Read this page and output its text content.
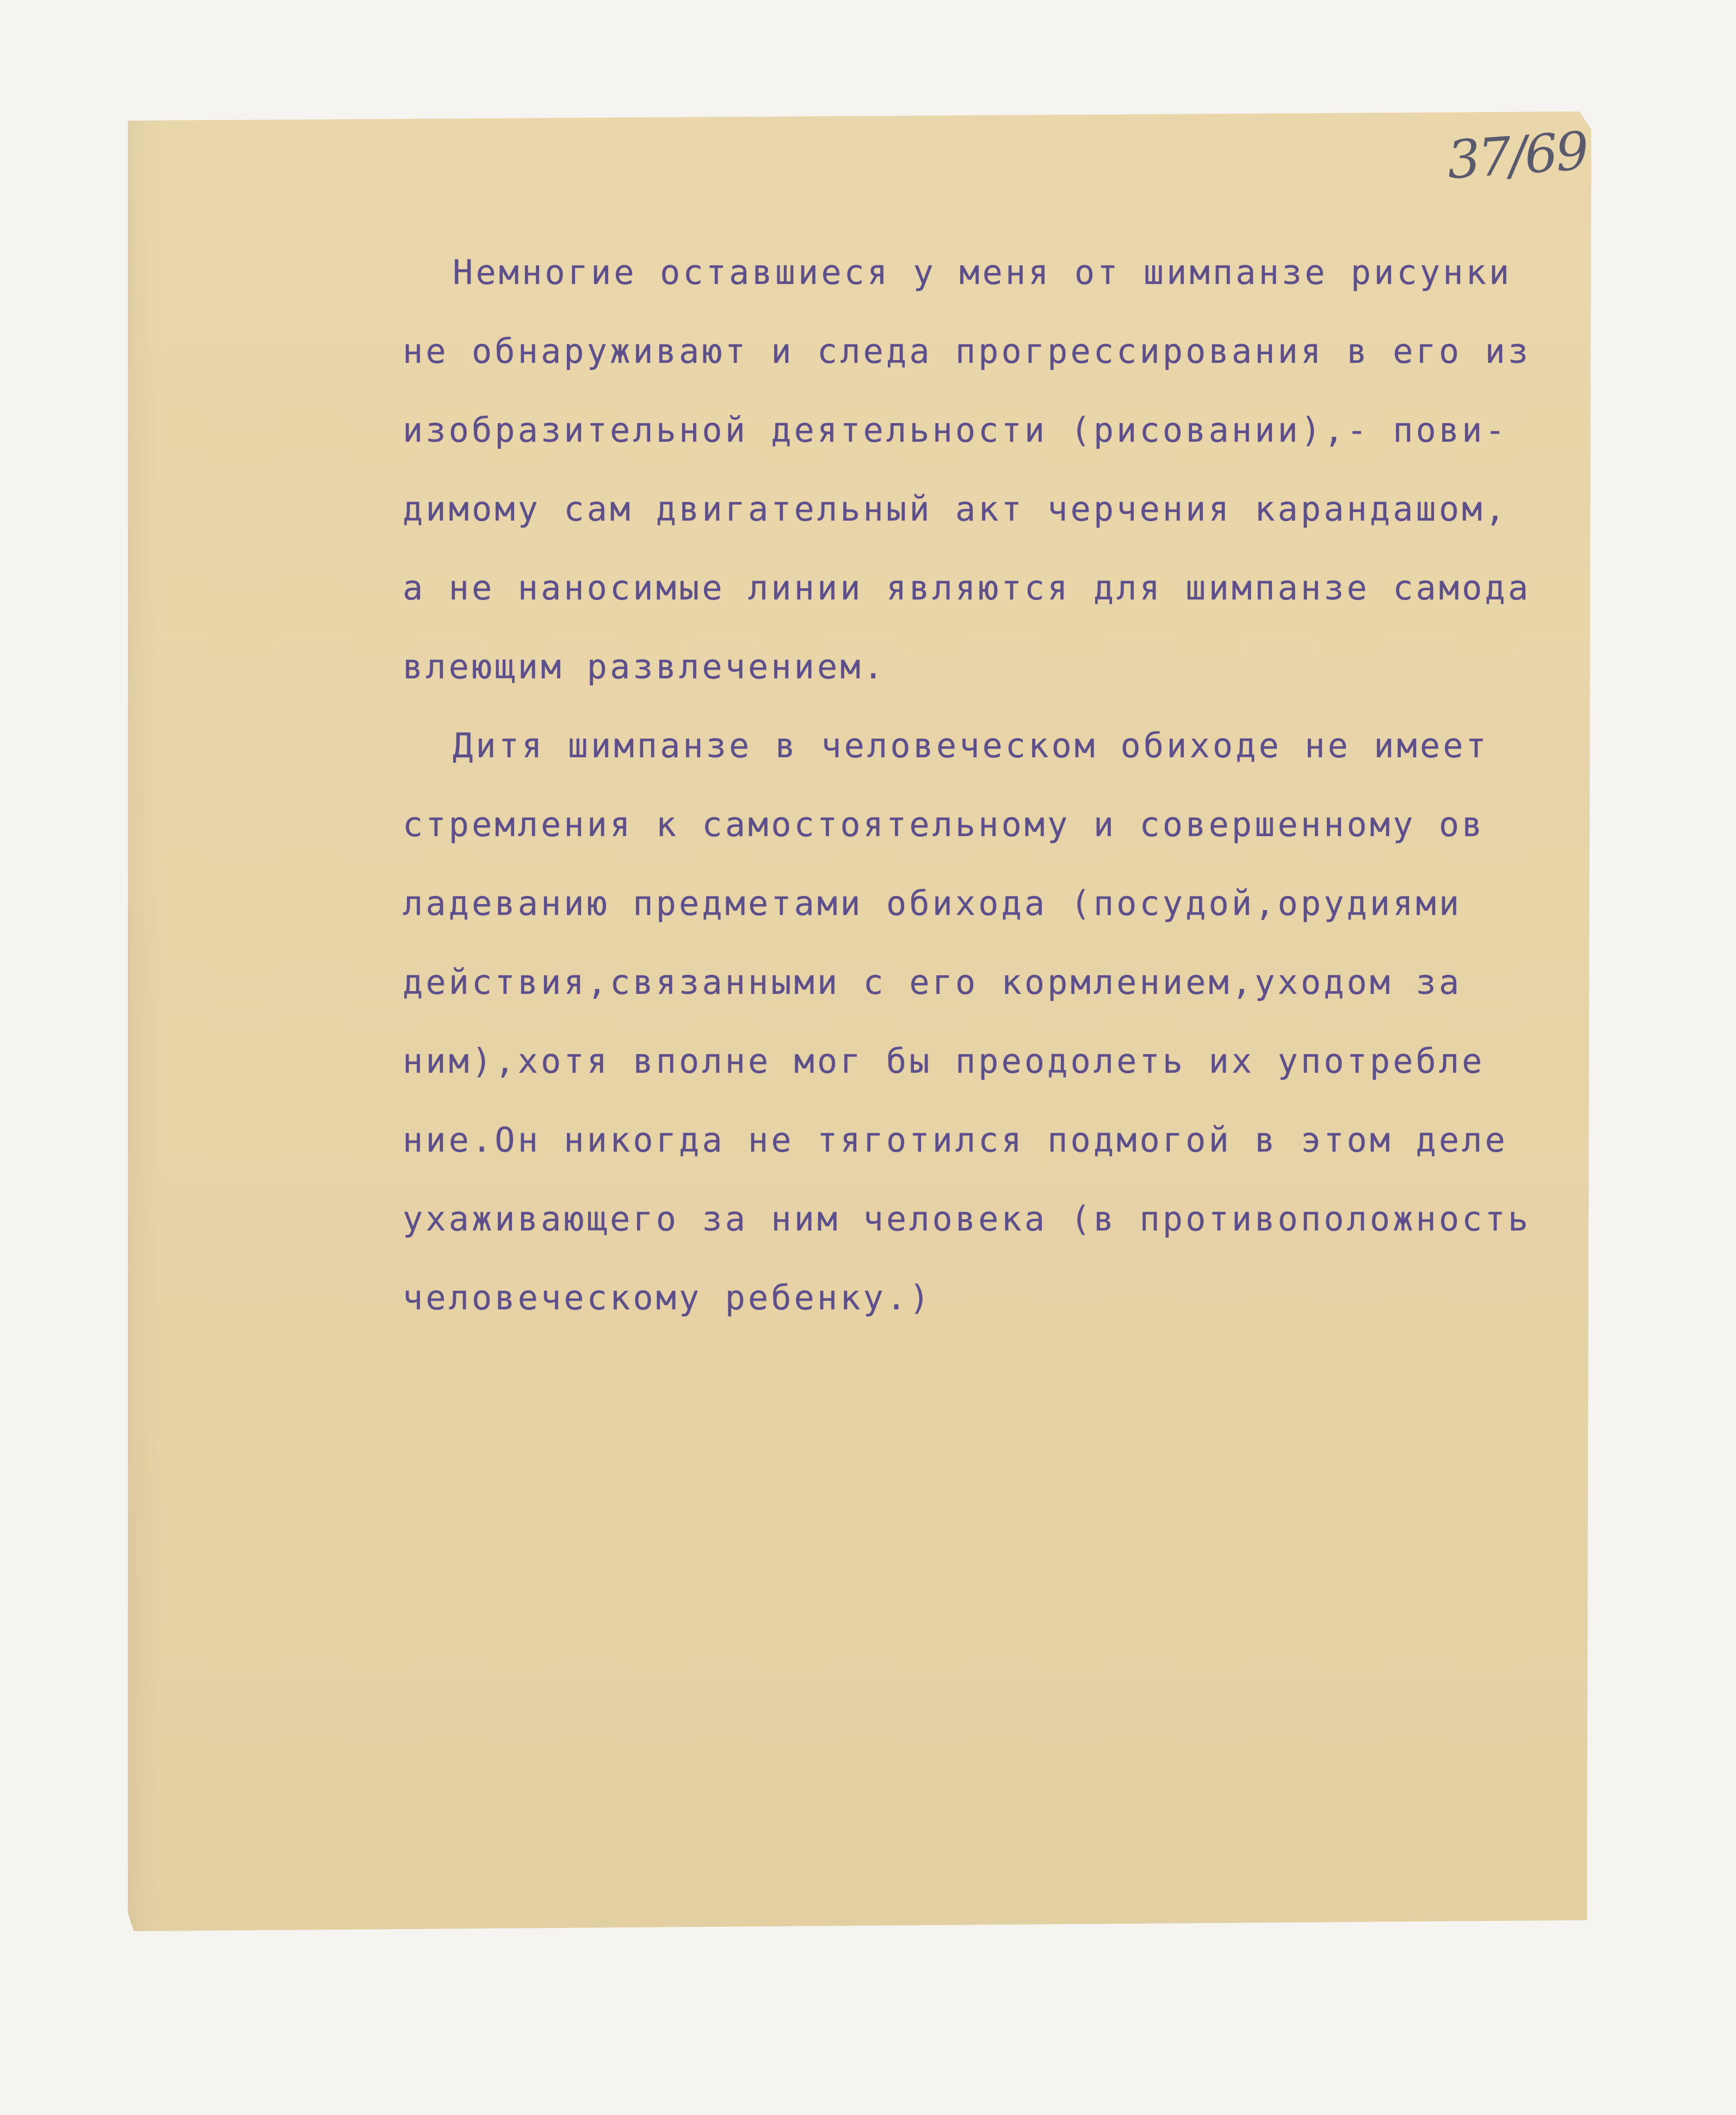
37/69

Немногие оставшиеся у меня от шимпанзе рисунки
не обнаруживают и следа прогрессирования в его из
изобразительной деятельности (рисовании),- пови-
димому сам двигательный акт черчения карандашом,
а не наносимые линии являются для шимпанзе самода
влеющим развлечением.
Дитя шимпанзе в человеческом обиходе не имеет
стремления к самостоятельному и совершенному ов
ладеванию предметами обихода (посудой,орудиями
действия,связанными с его кормлением,уходом за
ним),хотя вполне мог бы преодолеть их употребле
ние.Он никогда не тяготился подмогой в этом деле
ухаживающего за ним человека (в противоположность
человеческому ребенку.)
